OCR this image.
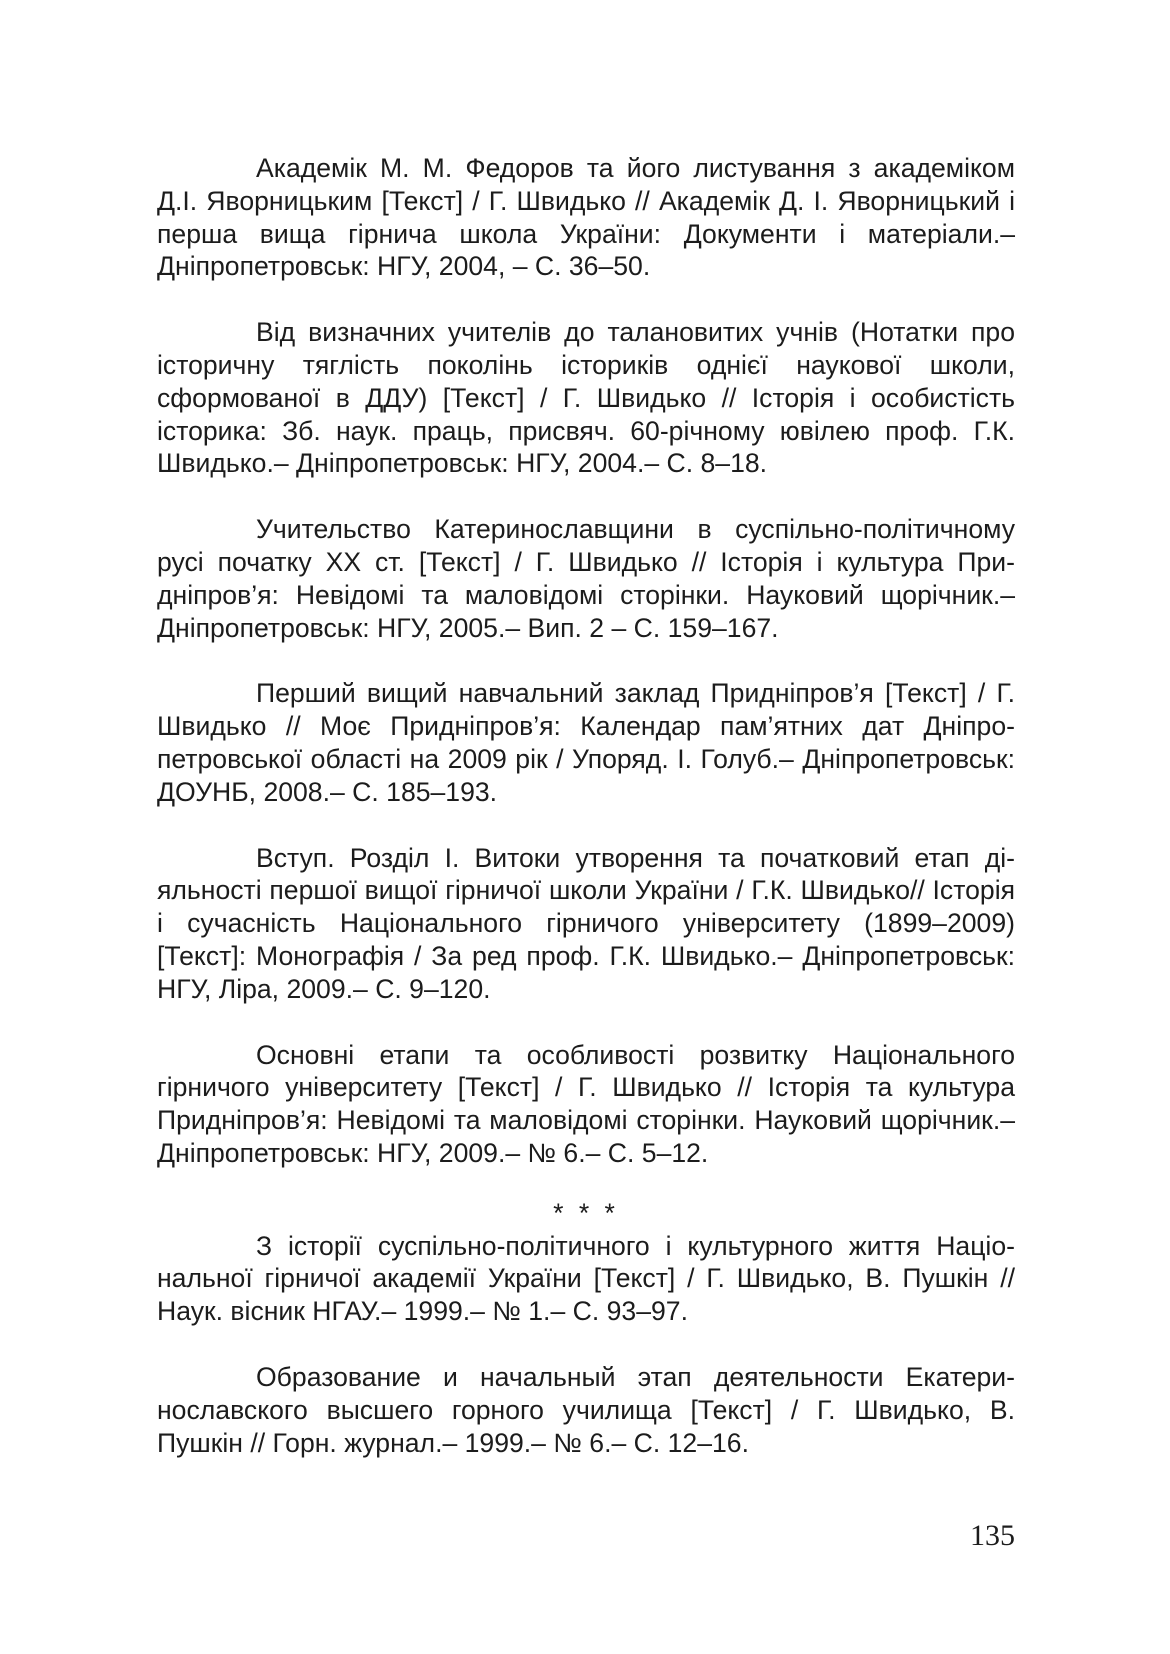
Академік М. М. Федоров та його листування з академіком Д.І. Яворницьким [Текст] / Г. Швидько // Академік Д. І. Яворницький і перша вища гірнича школа України: Документи і матеріали.– Дніпропетровськ: НГУ, 2004, – С. 36–50.

Від визначних учителів до талановитих учнів (Нотатки про історичну тяглість поколінь істориків однієї наукової школи, сформованої в ДДУ) [Текст] / Г. Швидько // Історія і особистість історика: Зб. наук. праць, присвяч. 60-річному ювілею проф. Г.К. Швидько.– Дніпропетровськ: НГУ, 2004.– С. 8–18.

Учительство Катеринославщини в суспільно-політичному русі початку ХХ ст. [Текст] / Г. Швидько // Історія і культура Придніпров’я: Невідомі та маловідомі сторінки. Науковий щорічник.– Дніпропетровськ: НГУ, 2005.– Вип. 2 – С. 159–167.

Перший вищий навчальний заклад Придніпров’я [Текст] / Г. Швидько // Моє Придніпров’я: Календар пам’ятних дат Дніпропетровської області на 2009 рік / Упоряд. І. Голуб.– Дніпропетровськ: ДОУНБ, 2008.– С. 185–193.

Вступ. Розділ І. Витоки утворення та початковий етап діяльності першої вищої гірничої школи України / Г.К. Швидько// Історія і сучасність Національного гірничого університету (1899–2009) [Текст]: Монографія / За ред проф. Г.К. Швидько.– Дніпропетровськ: НГУ, Ліра, 2009.– С. 9–120.

Основні етапи та особливості розвитку Національного гірничого університету [Текст] / Г. Швидько // Історія та культура Придніпров’я: Невідомі та маловідомі сторінки. Науковий щорічник.– Дніпропетровськ: НГУ, 2009.– № 6.– С. 5–12.

* * *

З історії суспільно-політичного і культурного життя Національної гірничої академії України [Текст] / Г. Швидько, В. Пушкін // Наук. вісник НГАУ.– 1999.– № 1.– С. 93–97.

Образование и начальный этап деятельности Екатеринославского высшего горного училища [Текст] / Г. Швидько, В. Пушкін // Горн. журнал.– 1999.– № 6.– С. 12–16.

135
